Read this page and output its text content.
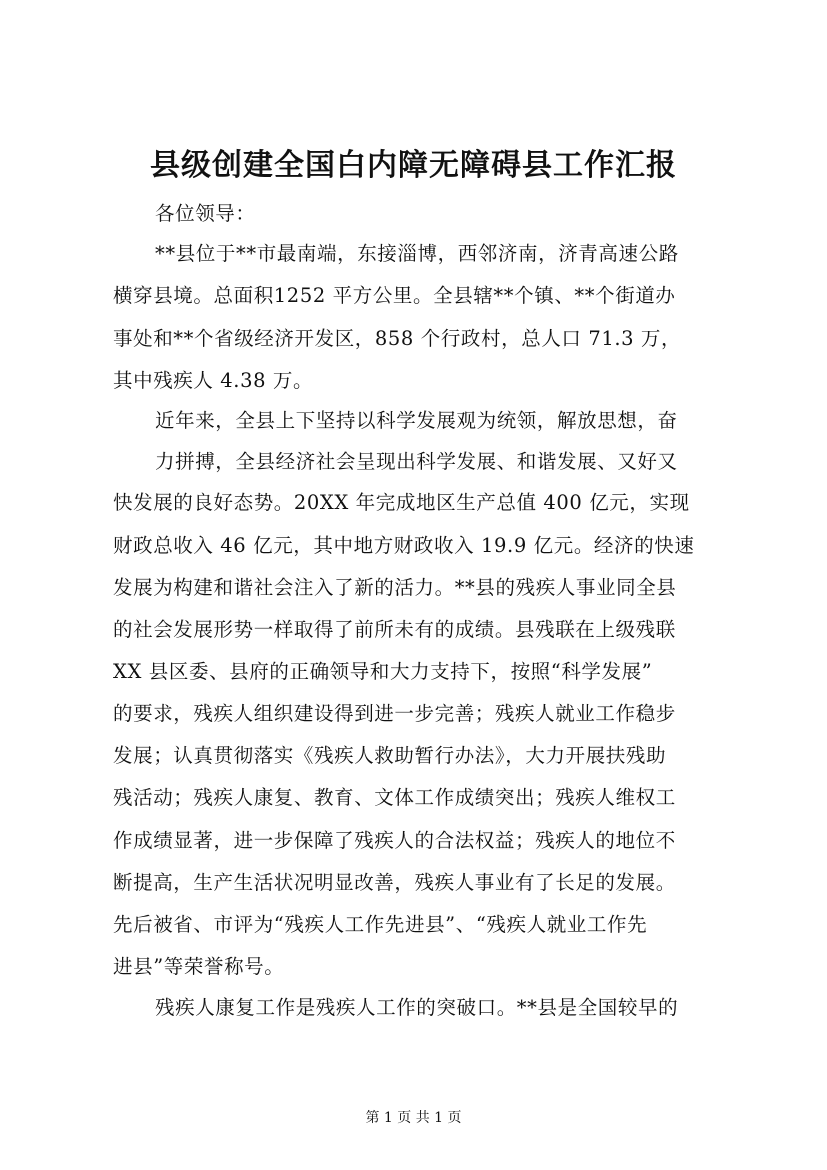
县级创建全国白内障无障碍县工作汇报
各位领导：
**县位于**市最南端，东接淄博，西邻济南，济青高速公路
横穿县境。总面积1252 平方公里。全县辖**个镇、**个街道办
事处和**个省级经济开发区，858 个行政村，总人口 71.3 万，
其中残疾人 4.38 万。
近年来，全县上下坚持以科学发展观为统领，解放思想，奋
力拼搏，全县经济社会呈现出科学发展、和谐发展、又好又
快发展的良好态势。20XX 年完成地区生产总值 400 亿元，实现
财政总收入 46 亿元，其中地方财政收入 19.9 亿元。经济的快速
发展为构建和谐社会注入了新的活力。**县的残疾人事业同全县
的社会发展形势一样取得了前所未有的成绩。县残联在上级残联
XX 县区委、县府的正确领导和大力支持下，按照“科学发展”
的要求，残疾人组织建设得到进一步完善；残疾人就业工作稳步
发展；认真贯彻落实《残疾人救助暂行办法》，大力开展扶残助
残活动；残疾人康复、教育、文体工作成绩突出；残疾人维权工
作成绩显著，进一步保障了残疾人的合法权益；残疾人的地位不
断提高，生产生活状况明显改善，残疾人事业有了长足的发展。
先后被省、市评为“残疾人工作先进县”、“残疾人就业工作先
进县”等荣誉称号。
残疾人康复工作是残疾人工作的突破口。**县是全国较早的
第 1 页 共 1 页
